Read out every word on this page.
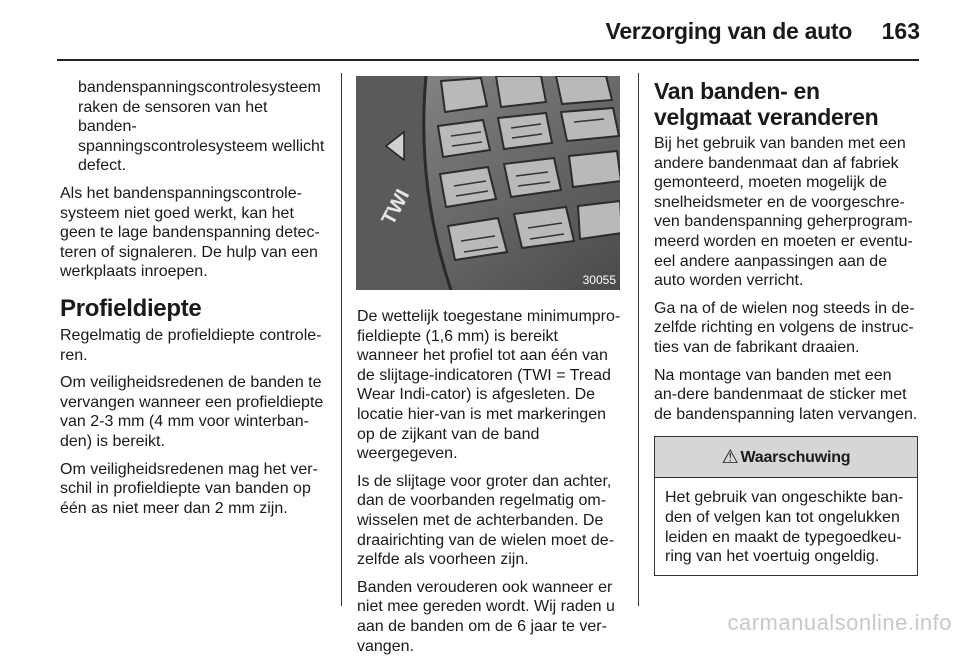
Verzorging van de auto 163

bandenspanningscontrolesysteem raken de sensoren van het banden-spanningscontrolesysteem wellicht defect.

Als het bandenspanningscontrole-systeem niet goed werkt, kan het geen te lage bandenspanning detec-teren of signaleren. De hulp van een werkplaats inroepen.

Profieldiepte

Regelmatig de profieldiepte controle-ren.

Om veiligheidsredenen de banden te vervangen wanneer een profieldiepte van 2-3 mm (4 mm voor winterban-den) is bereikt.

Om veiligheidsredenen mag het ver-schil in profieldiepte van banden op één as niet meer dan 2 mm zijn.

TWI
30055

De wettelijk toegestane minimumpro-fieldiepte (1,6 mm) is bereikt wanneer het profiel tot aan één van de slijtage-indicatoren (TWI = Tread Wear Indi-cator) is afgesleten. De locatie hier-van is met markeringen op de zijkant van de band weergegeven.

Is de slijtage voor groter dan achter, dan de voorbanden regelmatig om-wisselen met de achterbanden. De draairichting van de wielen moet de-zelfde als voorheen zijn.

Banden verouderen ook wanneer er niet mee gereden wordt. Wij raden u aan de banden om de 6 jaar te ver-vangen.

Van banden- en velgmaat veranderen

Bij het gebruik van banden met een andere bandenmaat dan af fabriek gemonteerd, moeten mogelijk de snelheidsmeter en de voorgeschre-ven bandenspanning geherprogram-meerd worden en moeten er eventu-eel andere aanpassingen aan de auto worden verricht.

Ga na of de wielen nog steeds in de-zelfde richting en volgens de instruc-ties van de fabrikant draaien.

Na montage van banden met een an-dere bandenmaat de sticker met de bandenspanning laten vervangen.

⚠ Waarschuwing
Het gebruik van ongeschikte ban-den of velgen kan tot ongelukken leiden en maakt de typegoedkeu-ring van het voertuig ongeldig.
carmanualsonline.info
